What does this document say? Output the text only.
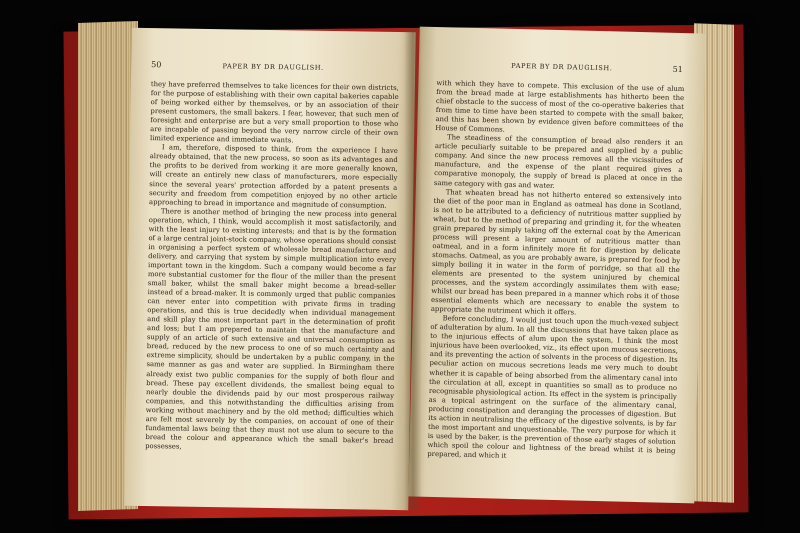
50	PAPER BY DR DAUGLISH.

they have preferred themselves to take licences for their own districts, for the purpose of establishing with their own capital bakeries capable of being worked either by themselves, or by an association of their present customers, the small bakers. I fear, however, that such men of foresight and enterprise are but a very small proportion to those who are incapable of passing beyond the very narrow circle of their own limited experience and immediate wants.

I am, therefore, disposed to think, from the experience I have already obtained, that the new process, so soon as its advantages and the profits to be derived from working it are more generally known, will create an entirely new class of manufacturers, more especially since the several years' protection afforded by a patent presents a security and freedom from competition enjoyed by no other article approaching to bread in importance and magnitude of consumption.

There is another method of bringing the new process into general operation, which, I think, would accomplish it most satisfactorily, and with the least injury to existing interests; and that is by the formation of a large central joint-stock company, whose operations should consist in organising a perfect system of wholesale bread manufacture and delivery, and carrying that system by simple multiplication into every important town in the kingdom. Such a company would become a far more substantial customer for the flour of the miller than the present small baker, whilst the small baker might become a bread-seller instead of a bread-maker. It is commonly urged that public companies can never enter into competition with private firms in trading operations, and this is true decidedly when individual management and skill play the most important part in the determination of profit and loss; but I am prepared to maintain that the manufacture and supply of an article of such extensive and universal consumption as bread, reduced by the new process to one of so much certainty and extreme simplicity, should be undertaken by a public company, in the same manner as gas and water are supplied. In Birmingham there already exist two public companies for the supply of both flour and bread. These pay excellent dividends, the smallest being equal to nearly double the dividends paid by our most prosperous railway companies, and this notwithstanding the difficulties arising from working without machinery and by the old method; difficulties which are felt most severely by the companies, on account of one of their fundamental laws being that they must not use alum to secure to the bread the colour and appearance which the small baker's bread possesses,

PAPER BY DR DAUGLISH.	51

with which they have to compete. This exclusion of the use of alum from the bread made at large establishments has hitherto been the chief obstacle to the success of most of the co-operative bakeries that from time to time have been started to compete with the small baker, and this has been shown by evidence given before committees of the House of Commons.

The steadiness of the consumption of bread also renders it an article peculiarly suitable to be prepared and supplied by a public company. And since the new process removes all the vicissitudes of manufacture, and the expense of the plant required gives a comparative monopoly, the supply of bread is placed at once in the same category with gas and water.

That wheaten bread has not hitherto entered so extensively into the diet of the poor man in England as oatmeal has done in Scotland, is not to be attributed to a deficiency of nutritious matter supplied by wheat, but to the method of preparing and grinding it, for the wheaten grain prepared by simply taking off the external coat by the American process will present a larger amount of nutritious matter than oatmeal, and in a form infinitely more fit for digestion by delicate stomachs. Oatmeal, as you are probably aware, is prepared for food by simply boiling it in water in the form of porridge, so that all the elements are presented to the system uninjured by chemical processes, and the system accordingly assimilates them with ease; whilst our bread has been prepared in a manner which robs it of those essential elements which are necessary to enable the system to appropriate the nutriment which it offers.

Before concluding, I would just touch upon the much-vexed subject of adulteration by alum. In all the discussions that have taken place as to the injurious effects of alum upon the system, I think the most injurious have been overlooked, viz., its effect upon mucous secretions, and its preventing the action of solvents in the process of digestion. Its peculiar action on mucous secretions leads me very much to doubt whether it is capable of being absorbed from the alimentary canal into the circulation at all, except in quantities so small as to produce no recognisable physiological action. Its effect in the system is principally as a topical astringent on the surface of the alimentary canal, producing constipation and deranging the processes of digestion. But its action in neutralising the efficacy of the digestive solvents, is by far the most important and unquestionable. The very purpose for which it is used by the baker, is the prevention of those early stages of solution which spoil the colour and lightness of the bread whilst it is being prepared, and which it
